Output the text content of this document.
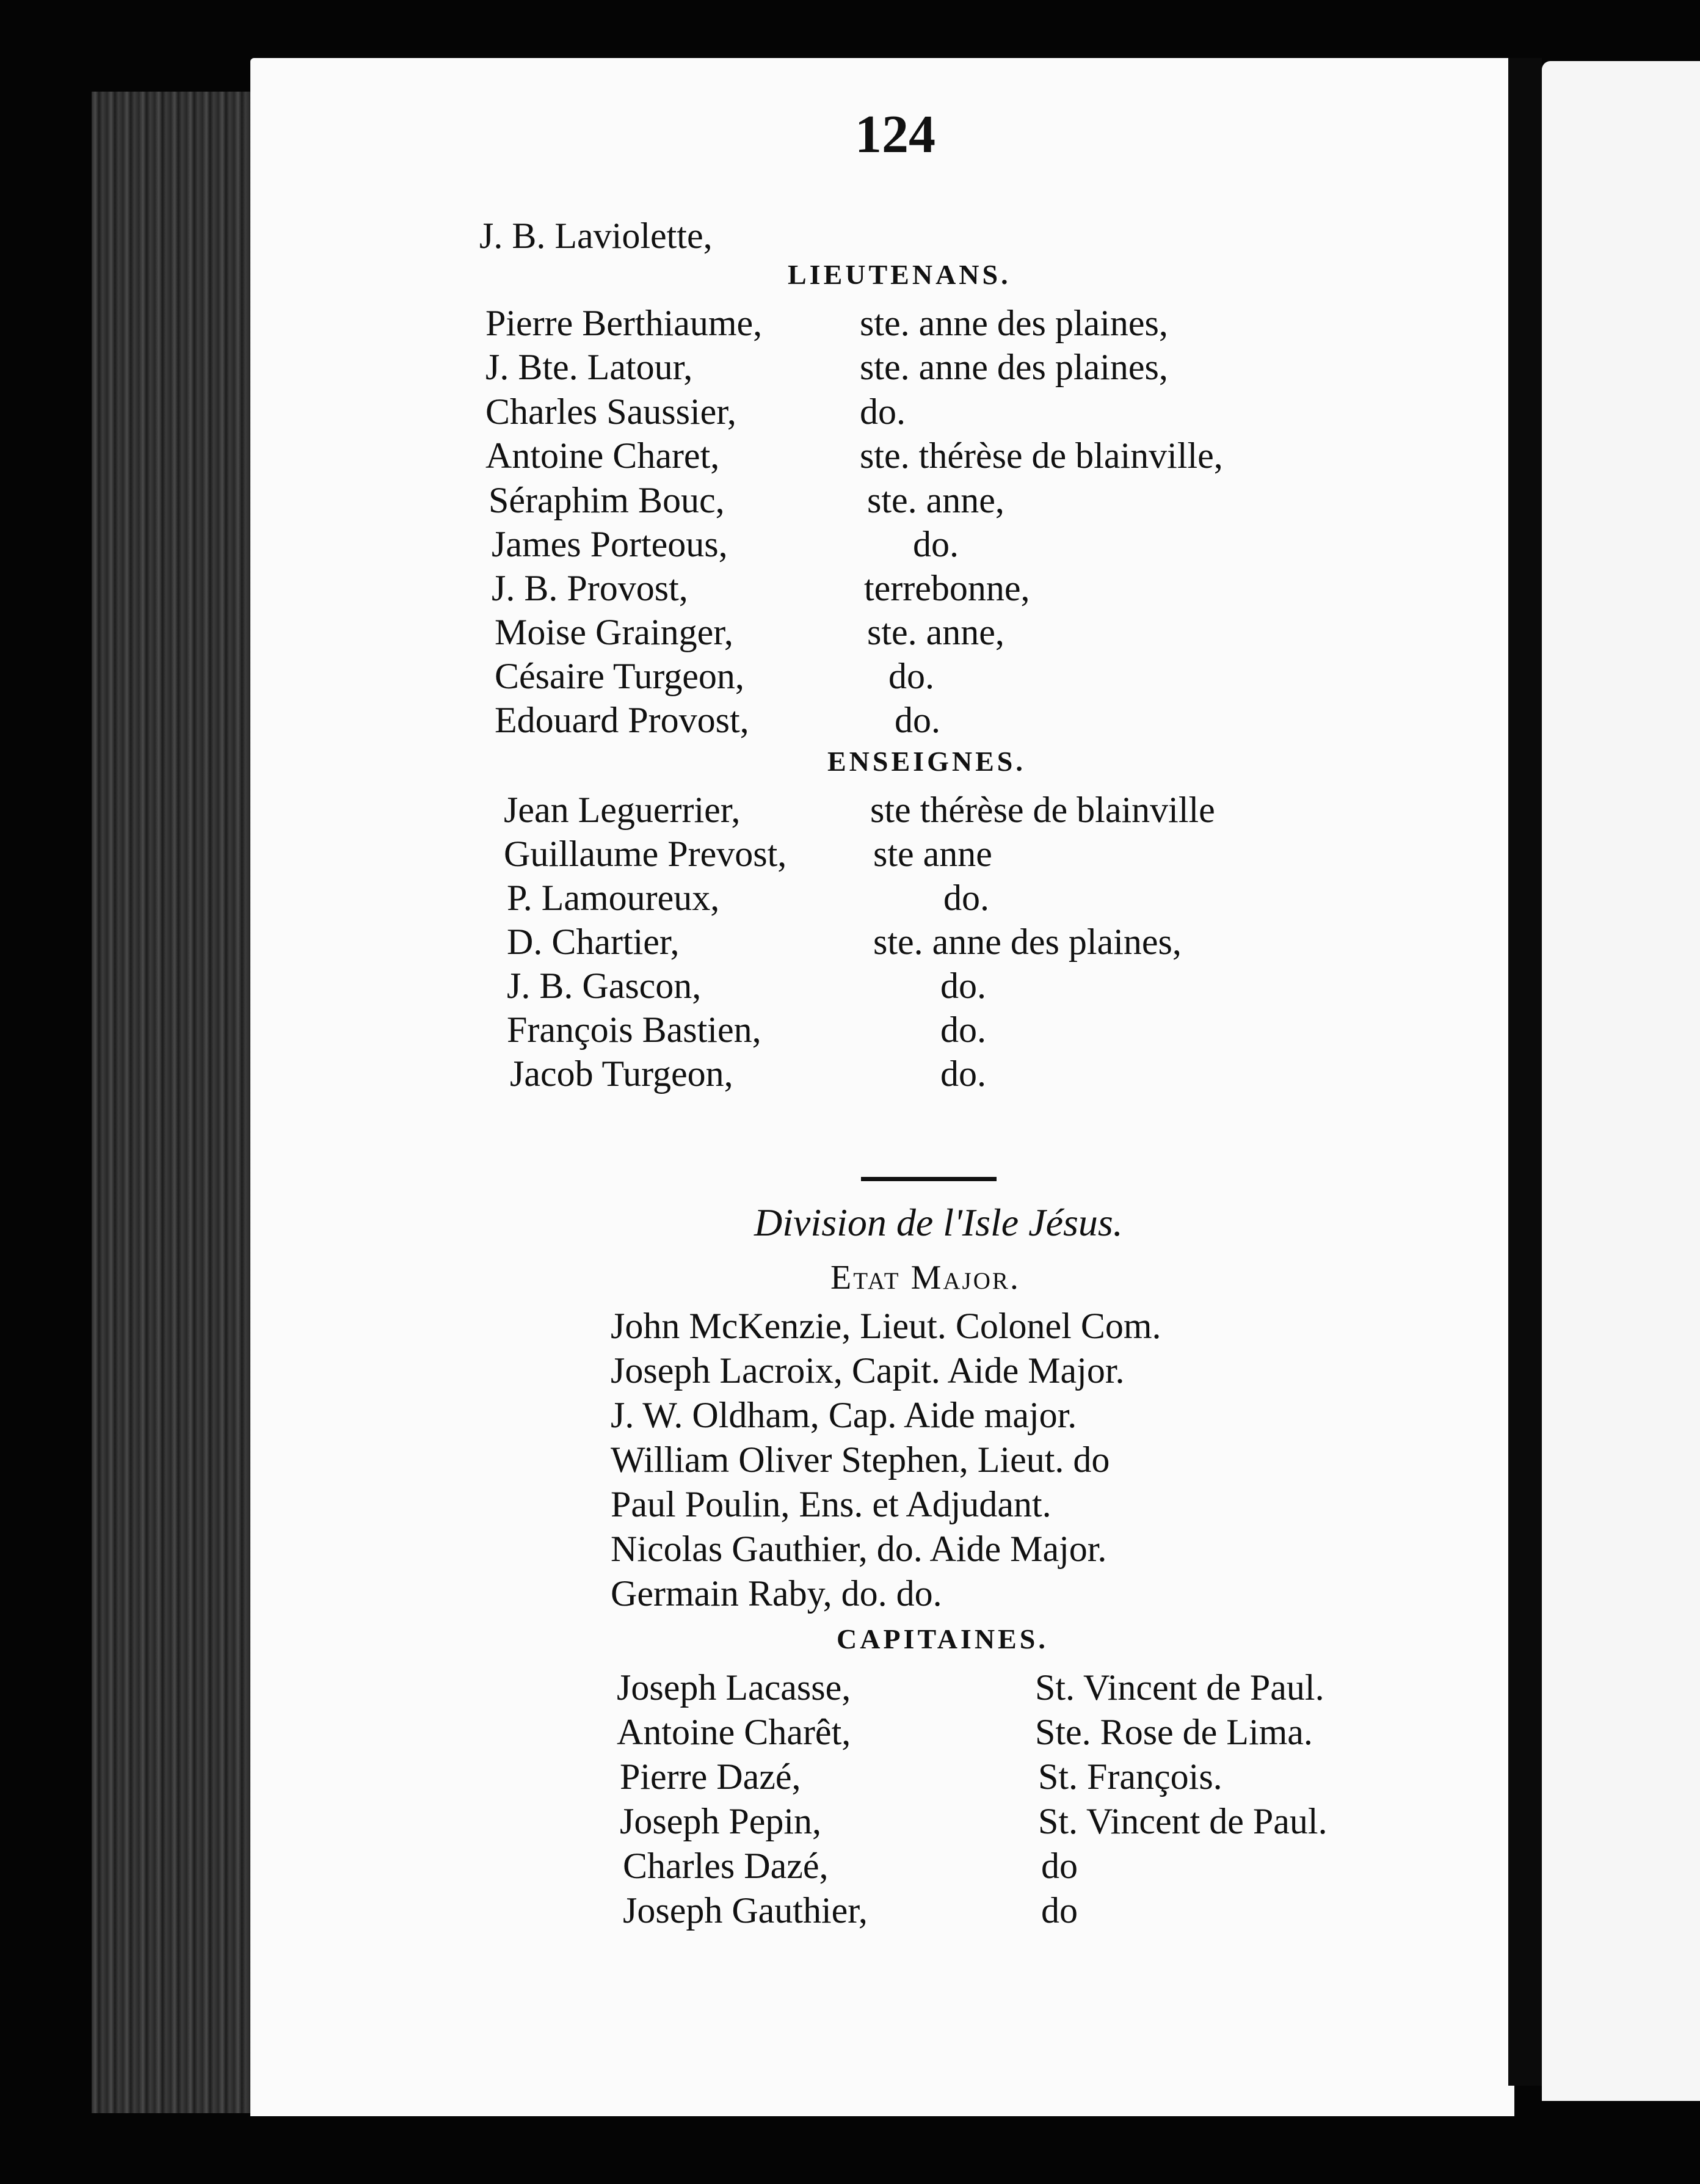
124
J. B. Laviolette,
LIEUTENANS.
Pierre Berthiaume,	ste. anne des plaines,
J. Bte. Latour,	ste. anne des plaines,
Charles Saussier,	do.
Antoine Charet,	ste. thérèse de blainville,
Séraphim Bouc,	ste. anne,
James Porteous,	do.
J. B. Provost,	terrebonne,
Moise Grainger,	ste. anne,
Césaire Turgeon,	do.
Edouard Provost,	do.
ENSEIGNES.
Jean Leguerrier,	ste thérèse de blainville
Guillaume Prevost, ste anne
P. Lamoureux,	do.
D. Chartier,	ste. anne des plaines,
J. B. Gascon,	do.
François Bastien,	do.
Jacob Turgeon,	do.
Division de l'Isle Jésus.
Etat Major.
John McKenzie, Lieut. Colonel Com.
Joseph Lacroix, Capit. Aide Major.
J. W. Oldham, Cap. Aide major.
William Oliver Stephen, Lieut. do
Paul Poulin, Ens. et Adjudant.
Nicolas Gauthier, do. Aide Major.
Germain Raby, do. do.
CAPITAINES.
Joseph Lacasse,	St. Vincent de Paul.
Antoine Charêt,	Ste. Rose de Lima.
Pierre Dazé,	St. François.
Joseph Pepin,	St. Vincent de Paul.
Charles Dazé,	do
Joseph Gauthier,	do
